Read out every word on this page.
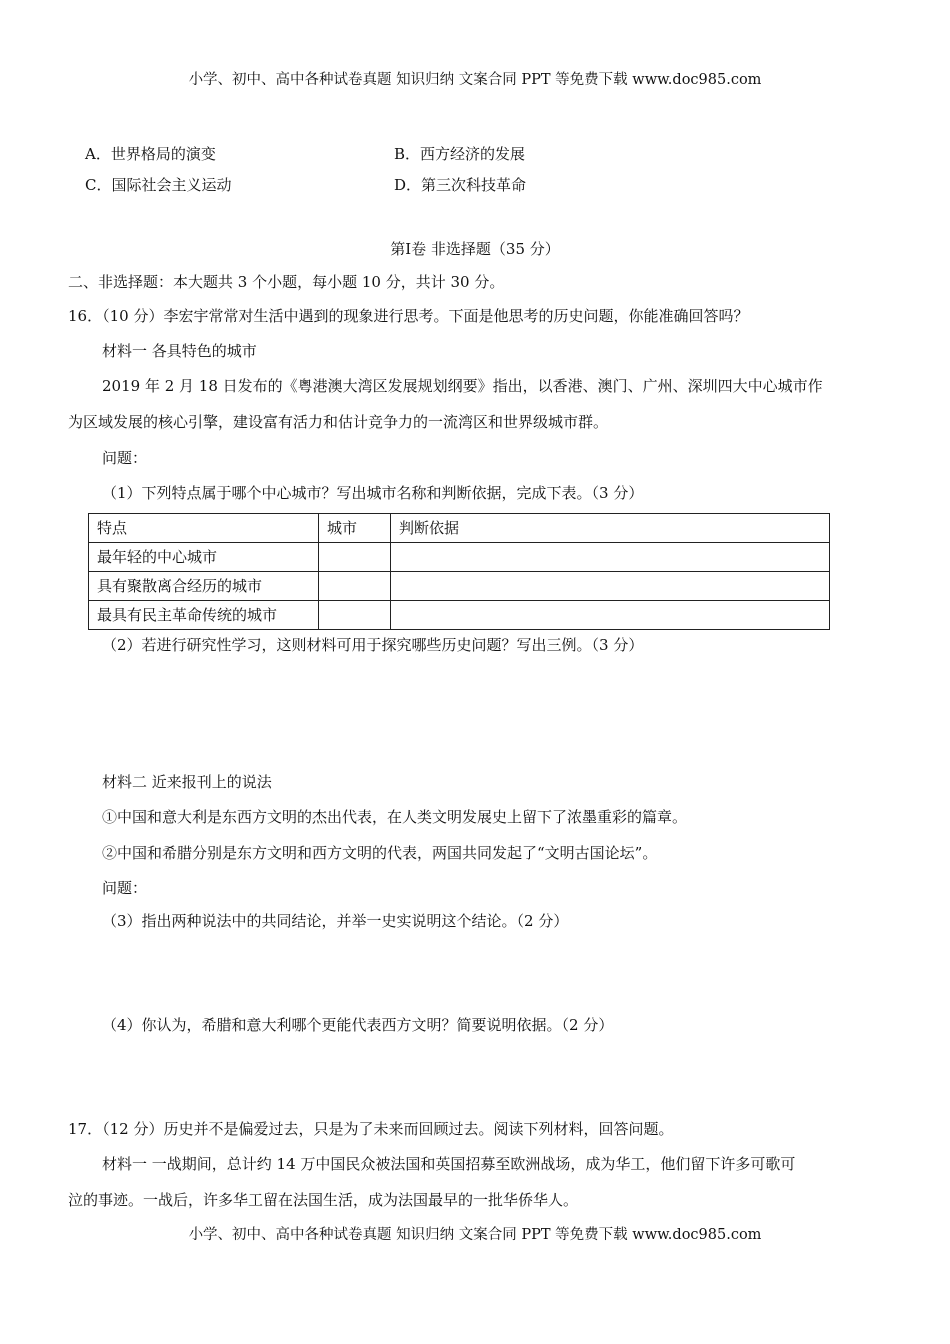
小学、初中、高中各种试卷真题 知识归纳 文案合同 PPT 等免费下载 www.doc985.com
A．世界格局的演变	B．西方经济的发展
C．国际社会主义运动	D．第三次科技革命
第Ⅰ卷 非选择题（35 分）
二、非选择题：本大题共 3 个小题，每小题 10 分，共计 30 分。
16．（10 分）李宏宇常常对生活中遇到的现象进行思考。下面是他思考的历史问题，你能准确回答吗？
材料一 各具特色的城市
2019 年 2 月 18 日发布的《粤港澳大湾区发展规划纲要》指出，以香港、澳门、广州、深圳四大中心城市作
为区域发展的核心引擎，建设富有活力和估计竞争力的一流湾区和世界级城市群。
问题：
（1）下列特点属于哪个中心城市？写出城市名称和判断依据，完成下表。（3 分）
特点	城市	判断依据
最年轻的中心城市		
具有聚散离合经历的城市		
最具有民主革命传统的城市		
（2）若进行研究性学习，这则材料可用于探究哪些历史问题？写出三例。（3 分）
材料二 近来报刊上的说法
①中国和意大利是东西方文明的杰出代表，在人类文明发展史上留下了浓墨重彩的篇章。
②中国和希腊分别是东方文明和西方文明的代表，两国共同发起了“文明古国论坛”。
问题：
（3）指出两种说法中的共同结论，并举一史实说明这个结论。（2 分）
（4）你认为，希腊和意大利哪个更能代表西方文明？简要说明依据。（2 分）
17．（12 分）历史并不是偏爱过去，只是为了未来而回顾过去。阅读下列材料，回答问题。
材料一 一战期间，总计约 14 万中国民众被法国和英国招募至欧洲战场，成为华工，他们留下许多可歌可
泣的事迹。一战后，许多华工留在法国生活，成为法国最早的一批华侨华人。
小学、初中、高中各种试卷真题 知识归纳 文案合同 PPT 等免费下载 www.doc985.com
